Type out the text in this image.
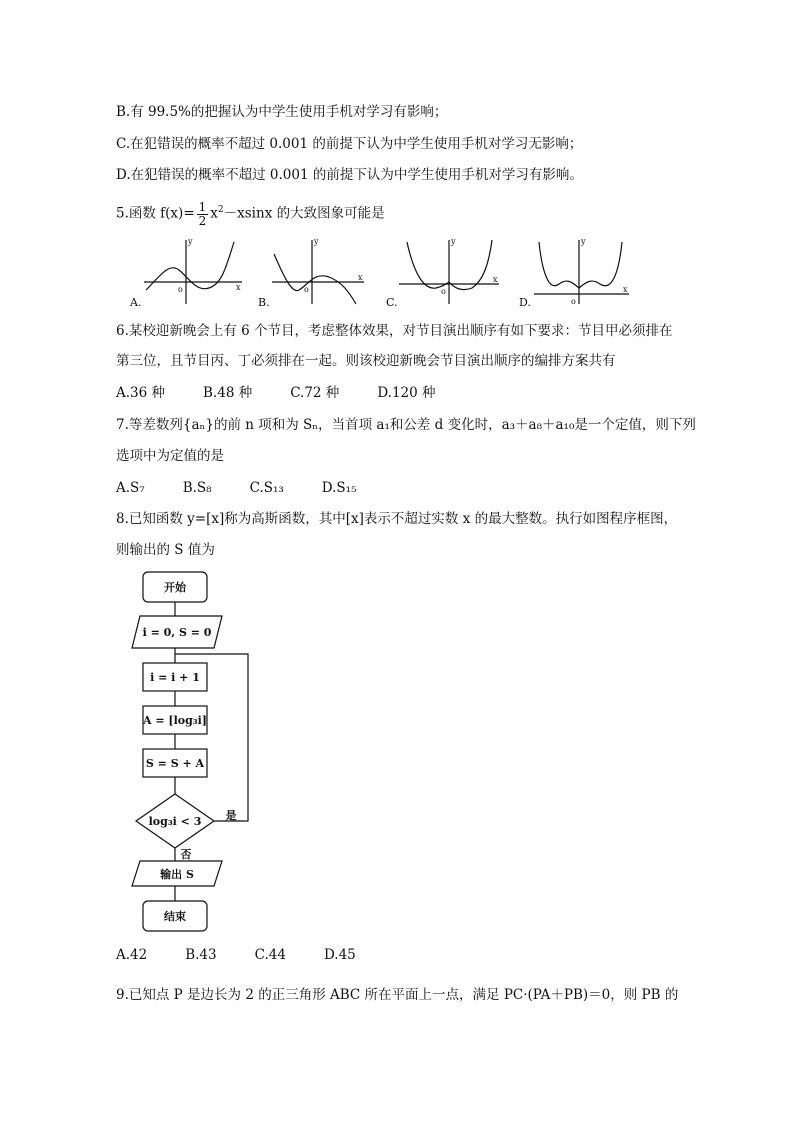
B.有 99.5%的把握认为中学生使用手机对学习有影响；
C.在犯错误的概率不超过 0.001 的前提下认为中学生使用手机对学习无影响；
D.在犯错误的概率不超过 0.001 的前提下认为中学生使用手机对学习有影响。
5.函数 $f(x)= \frac{1}{2} x^2-xsinx$ 的大致图象可能是
A.	B.	C.	D.
o	o	o
o
y	y	y	y
x
x	x
x
6.某校迎新晚会上有 6 个节目，考虑整体效果，对节目演出顺序有如下要求：节目甲必须排在
第三位，且节目丙、丁必须排在一起。则该校迎新晚会节目演出顺序的编排方案共有
A.36 种	B.48 种	C.72 种	D.120 种
7.等差数列{aₙ}的前 n 项和为 Sₙ，当首项 a₁和公差 d 变化时，a₃＋a₈＋a₁₀是一个定值，则下列
选项中为定值的是
A.S₇	B.S₈	C.S₁₃	D.S₁₅
8.已知函数 y=[x]称为高斯函数，其中[x]表示不超过实数 x 的最大整数。执行如图程序框图，
则输出的 S 值为
开始
i = 0, S = 0
i = i + 1
A = [log₃i]
S = S + A
log₃i < 3 是
否
输出 S
结束
A.42	B.43	C.44	D.45
9.已知点 P 是边长为 2 的正三角形 ABC 所在平面上一点，满足 PC·(PA＋PB)＝0，则 PB 的
